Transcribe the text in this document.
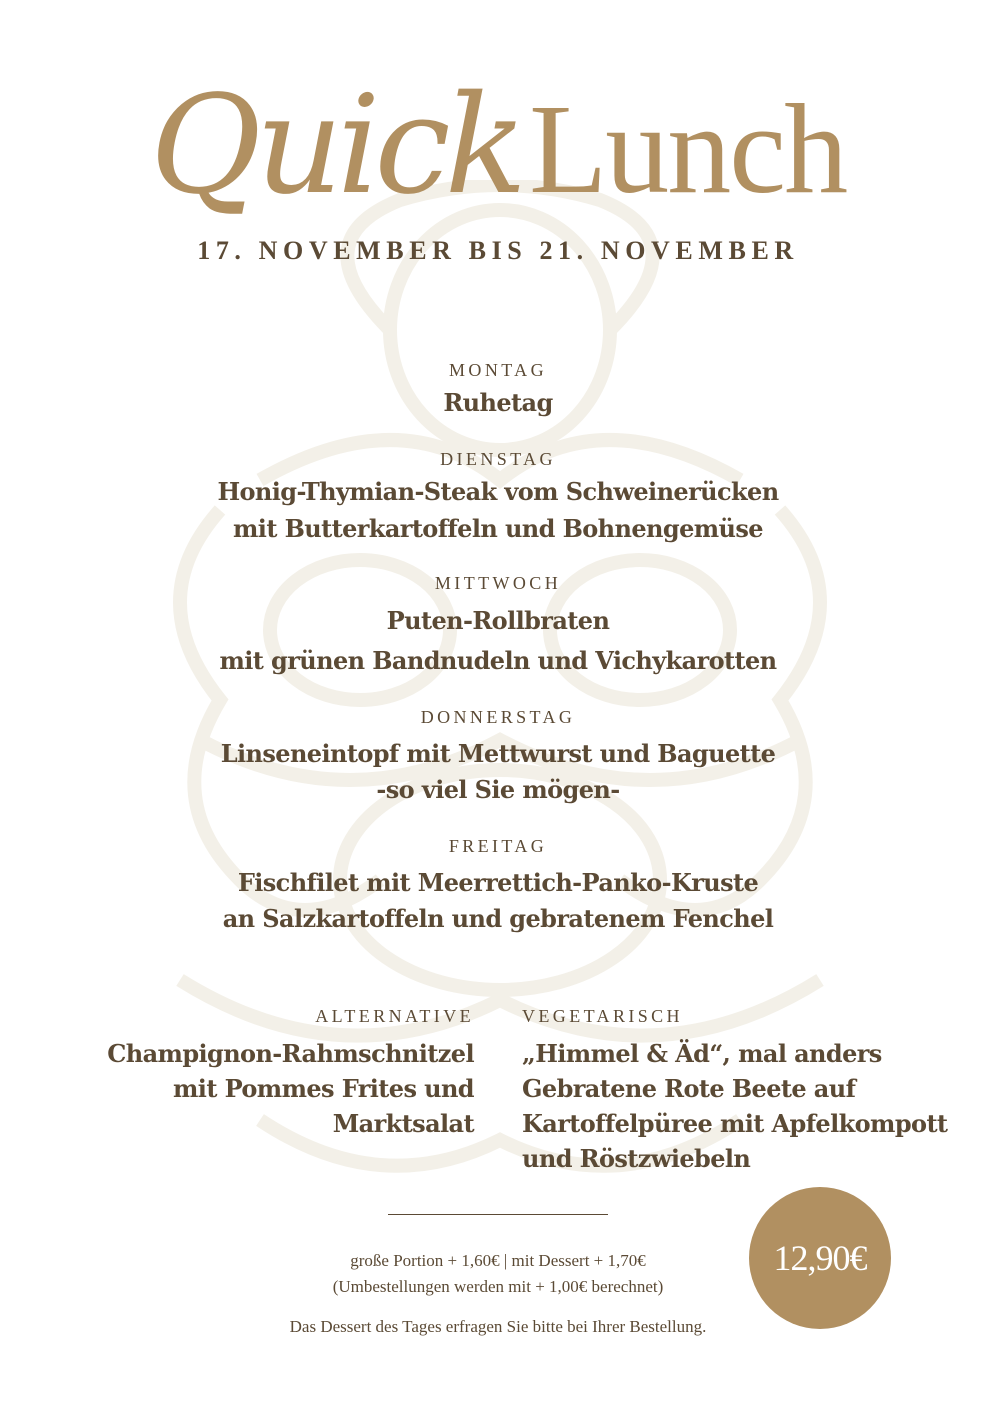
QuickLunch
17. NOVEMBER BIS 21. NOVEMBER
MONTAG
Ruhetag
DIENSTAG
Honig-Thymian-Steak vom Schweinerücken
mit Butterkartoffeln und Bohnengemüse
MITTWOCH
Puten-Rollbraten
mit grünen Bandnudeln und Vichykarotten
DONNERSTAG
Linseneintopf mit Mettwurst und Baguette
-so viel Sie mögen-
FREITAG
Fischfilet mit Meerrettich-Panko-Kruste
an Salzkartoffeln und gebratenem Fenchel
ALTERNATIVE
Champignon-Rahmschnitzel
mit Pommes Frites und
Marktsalat
VEGETARISCH
„Himmel & Äd“, mal anders
Gebratene Rote Beete auf
Kartoffelpüree mit Apfelkompott
und Röstzwiebeln
große Portion + 1,60€ | mit Dessert + 1,70€
(Umbestellungen werden mit + 1,00€ berechnet)
Das Dessert des Tages erfragen Sie bitte bei Ihrer Bestellung.
12,90€
